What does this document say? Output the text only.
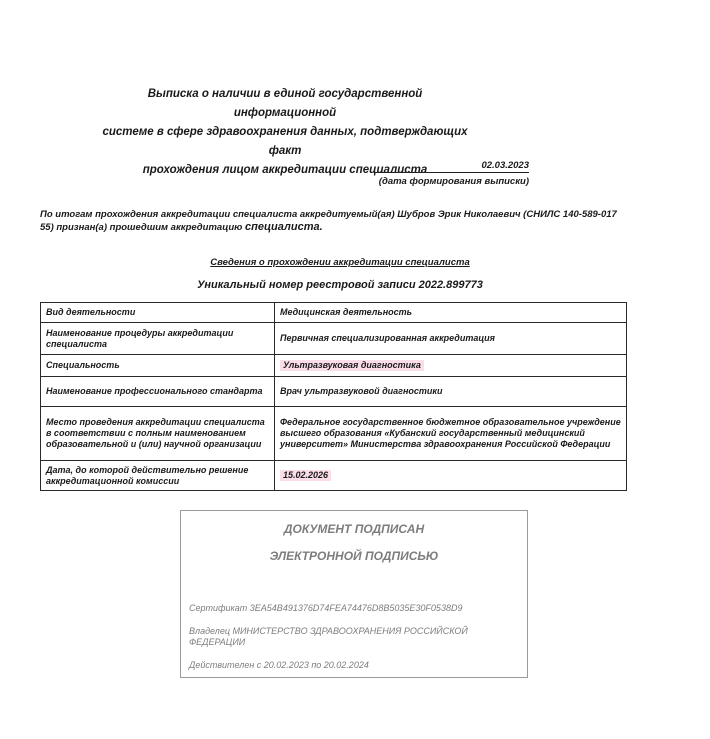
Выписка о наличии в единой государственной информационной
системе в сфере здравоохранения данных, подтверждающих факт
прохождения лицом аккредитации специалиста	02.03.2023
(дата формирования выписки)
По итогам прохождения аккредитации специалиста аккредитуемый(ая) Шубров Эрик Николаевич (СНИЛС 140-589-017 55) признан(а) прошедшим аккредитацию специалиста.
Сведения о прохождении аккредитации специалиста
Уникальный номер реестровой записи 2022.899773
Вид деятельности	Медицинская деятельность
Наименование процедуры аккредитации специалиста	Первичная специализированная аккредитация
Специальность	Ультразвуковая диагностика
Наименование профессионального стандарта	Врач ультразвуковой диагностики
Место проведения аккредитации специалиста в соответствии с полным наименованием образовательной и (или) научной организации	Федеральное государственное бюджетное образовательное учреждение высшего образования «Кубанский государственный медицинский университет» Министерства здравоохранения Российской Федерации
Дата, до которой действительно решение аккредитационной комиссии	15.02.2026
ДОКУМЕНТ ПОДПИСАН
ЭЛЕКТРОННОЙ ПОДПИСЬЮ
Сертификат 3EA54B491376D74FEA74476D8B5035E30F0538D9
Владелец МИНИСТЕРСТВО ЗДРАВООХРАНЕНИЯ РОССИЙСКОЙ ФЕДЕРАЦИИ
Действителен с 20.02.2023 по 20.02.2024
